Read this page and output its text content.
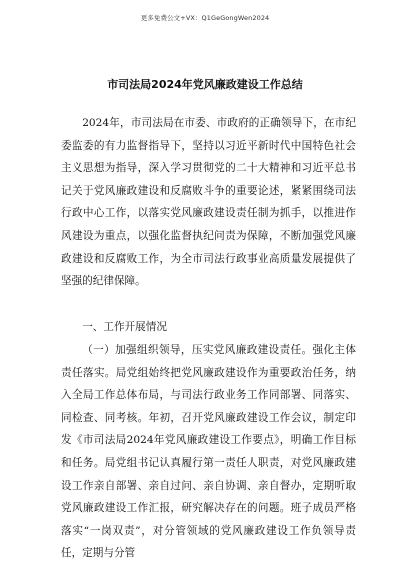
更多免费公文+VX：Q1GeGongWen2024
市司法局2024年党风廉政建设工作总结
2024年，市司法局在市委、市政府的正确领导下，在市纪委监委的有力监督指导下，坚持以习近平新时代中国特色社会主义思想为指导，深入学习贯彻党的二十大精神和习近平总书记关于党风廉政建设和反腐败斗争的重要论述，紧紧围绕司法行政中心工作，以落实党风廉政建设责任制为抓手，以推进作风建设为重点，以强化监督执纪问责为保障，不断加强党风廉政建设和反腐败工作，为全市司法行政事业高质量发展提供了坚强的纪律保障。
一、工作开展情况
（一）加强组织领导，压实党风廉政建设责任。强化主体责任落实。局党组始终把党风廉政建设作为重要政治任务，纳入全局工作总体布局，与司法行政业务工作同部署、同落实、同检查、同考核。年初，召开党风廉政建设工作会议，制定印发《市司法局2024年党风廉政建设工作要点》，明确工作目标和任务。局党组书记认真履行第一责任人职责，对党风廉政建设工作亲自部署、亲自过问、亲自协调、亲自督办，定期听取党风廉政建设工作汇报，研究解决存在的问题。班子成员严格落实“一岗双责”，对分管领域的党风廉政建设工作负领导责任，定期与分管
